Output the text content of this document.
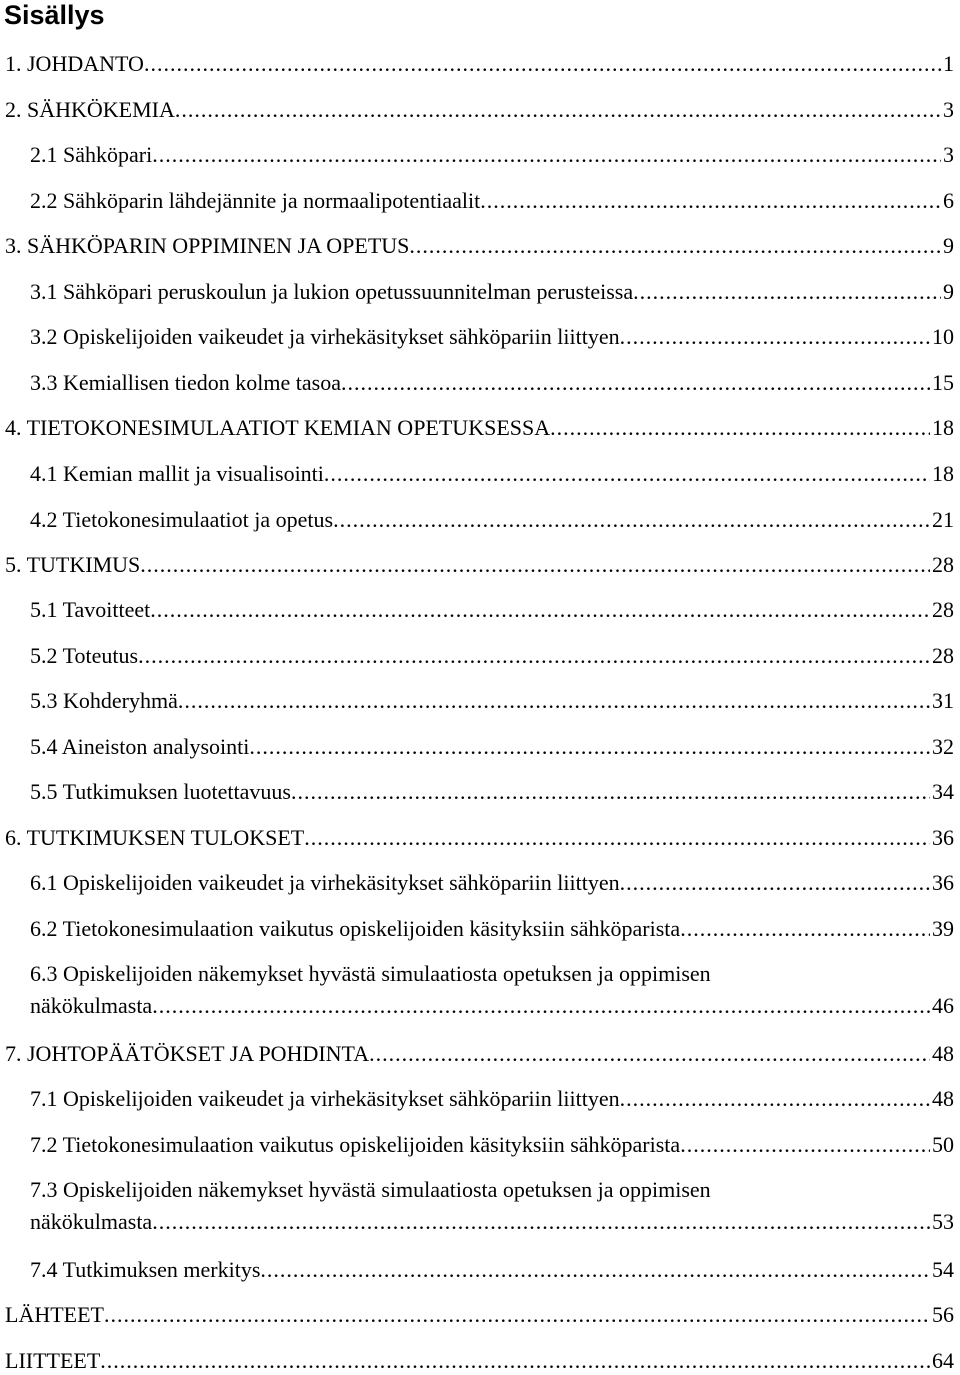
Sisällys
1. JOHDANTO .....	1
2. SÄHKÖKEMIA .....	3
2.1 Sähköpari .....	3
2.2 Sähköparin lähdejännite ja normaalipotentiaalit .....	6
3. SÄHKÖPARIN OPPIMINEN JA OPETUS .....	9
3.1 Sähköpari peruskoulun ja lukion opetussuunnitelman perusteissa .....	9
3.2 Opiskelijoiden vaikeudet ja virhekäsitykset sähköpariin liittyen .....	10
3.3 Kemiallisen tiedon kolme tasoa .....	15
4. TIETOKONESIMULAATIOT KEMIAN OPETUKSESSA .....	18
4.1 Kemian mallit ja visualisointi .....	18
4.2 Tietokonesimulaatiot ja opetus .....	21
5. TUTKIMUS .....	28
5.1 Tavoitteet .....	28
5.2 Toteutus .....	28
5.3 Kohderyhmä .....	31
5.4 Aineiston analysointi .....	32
5.5 Tutkimuksen luotettavuus .....	34
6. TUTKIMUKSEN TULOKSET .....	36
6.1 Opiskelijoiden vaikeudet ja virhekäsitykset sähköpariin liittyen .....	36
6.2 Tietokonesimulaation vaikutus opiskelijoiden käsityksiin sähköparista .....	39
6.3 Opiskelijoiden näkemykset hyvästä simulaatiosta opetuksen ja oppimisen
näkökulmasta .....	46
7. JOHTOPÄÄTÖKSET JA POHDINTA .....	48
7.1 Opiskelijoiden vaikeudet ja virhekäsitykset sähköpariin liittyen .....	48
7.2 Tietokonesimulaation vaikutus opiskelijoiden käsityksiin sähköparista .....	50
7.3 Opiskelijoiden näkemykset hyvästä simulaatiosta opetuksen ja oppimisen
näkökulmasta .....	53
7.4 Tutkimuksen merkitys .....	54
LÄHTEET .....	56
LIITTEET .....	64
